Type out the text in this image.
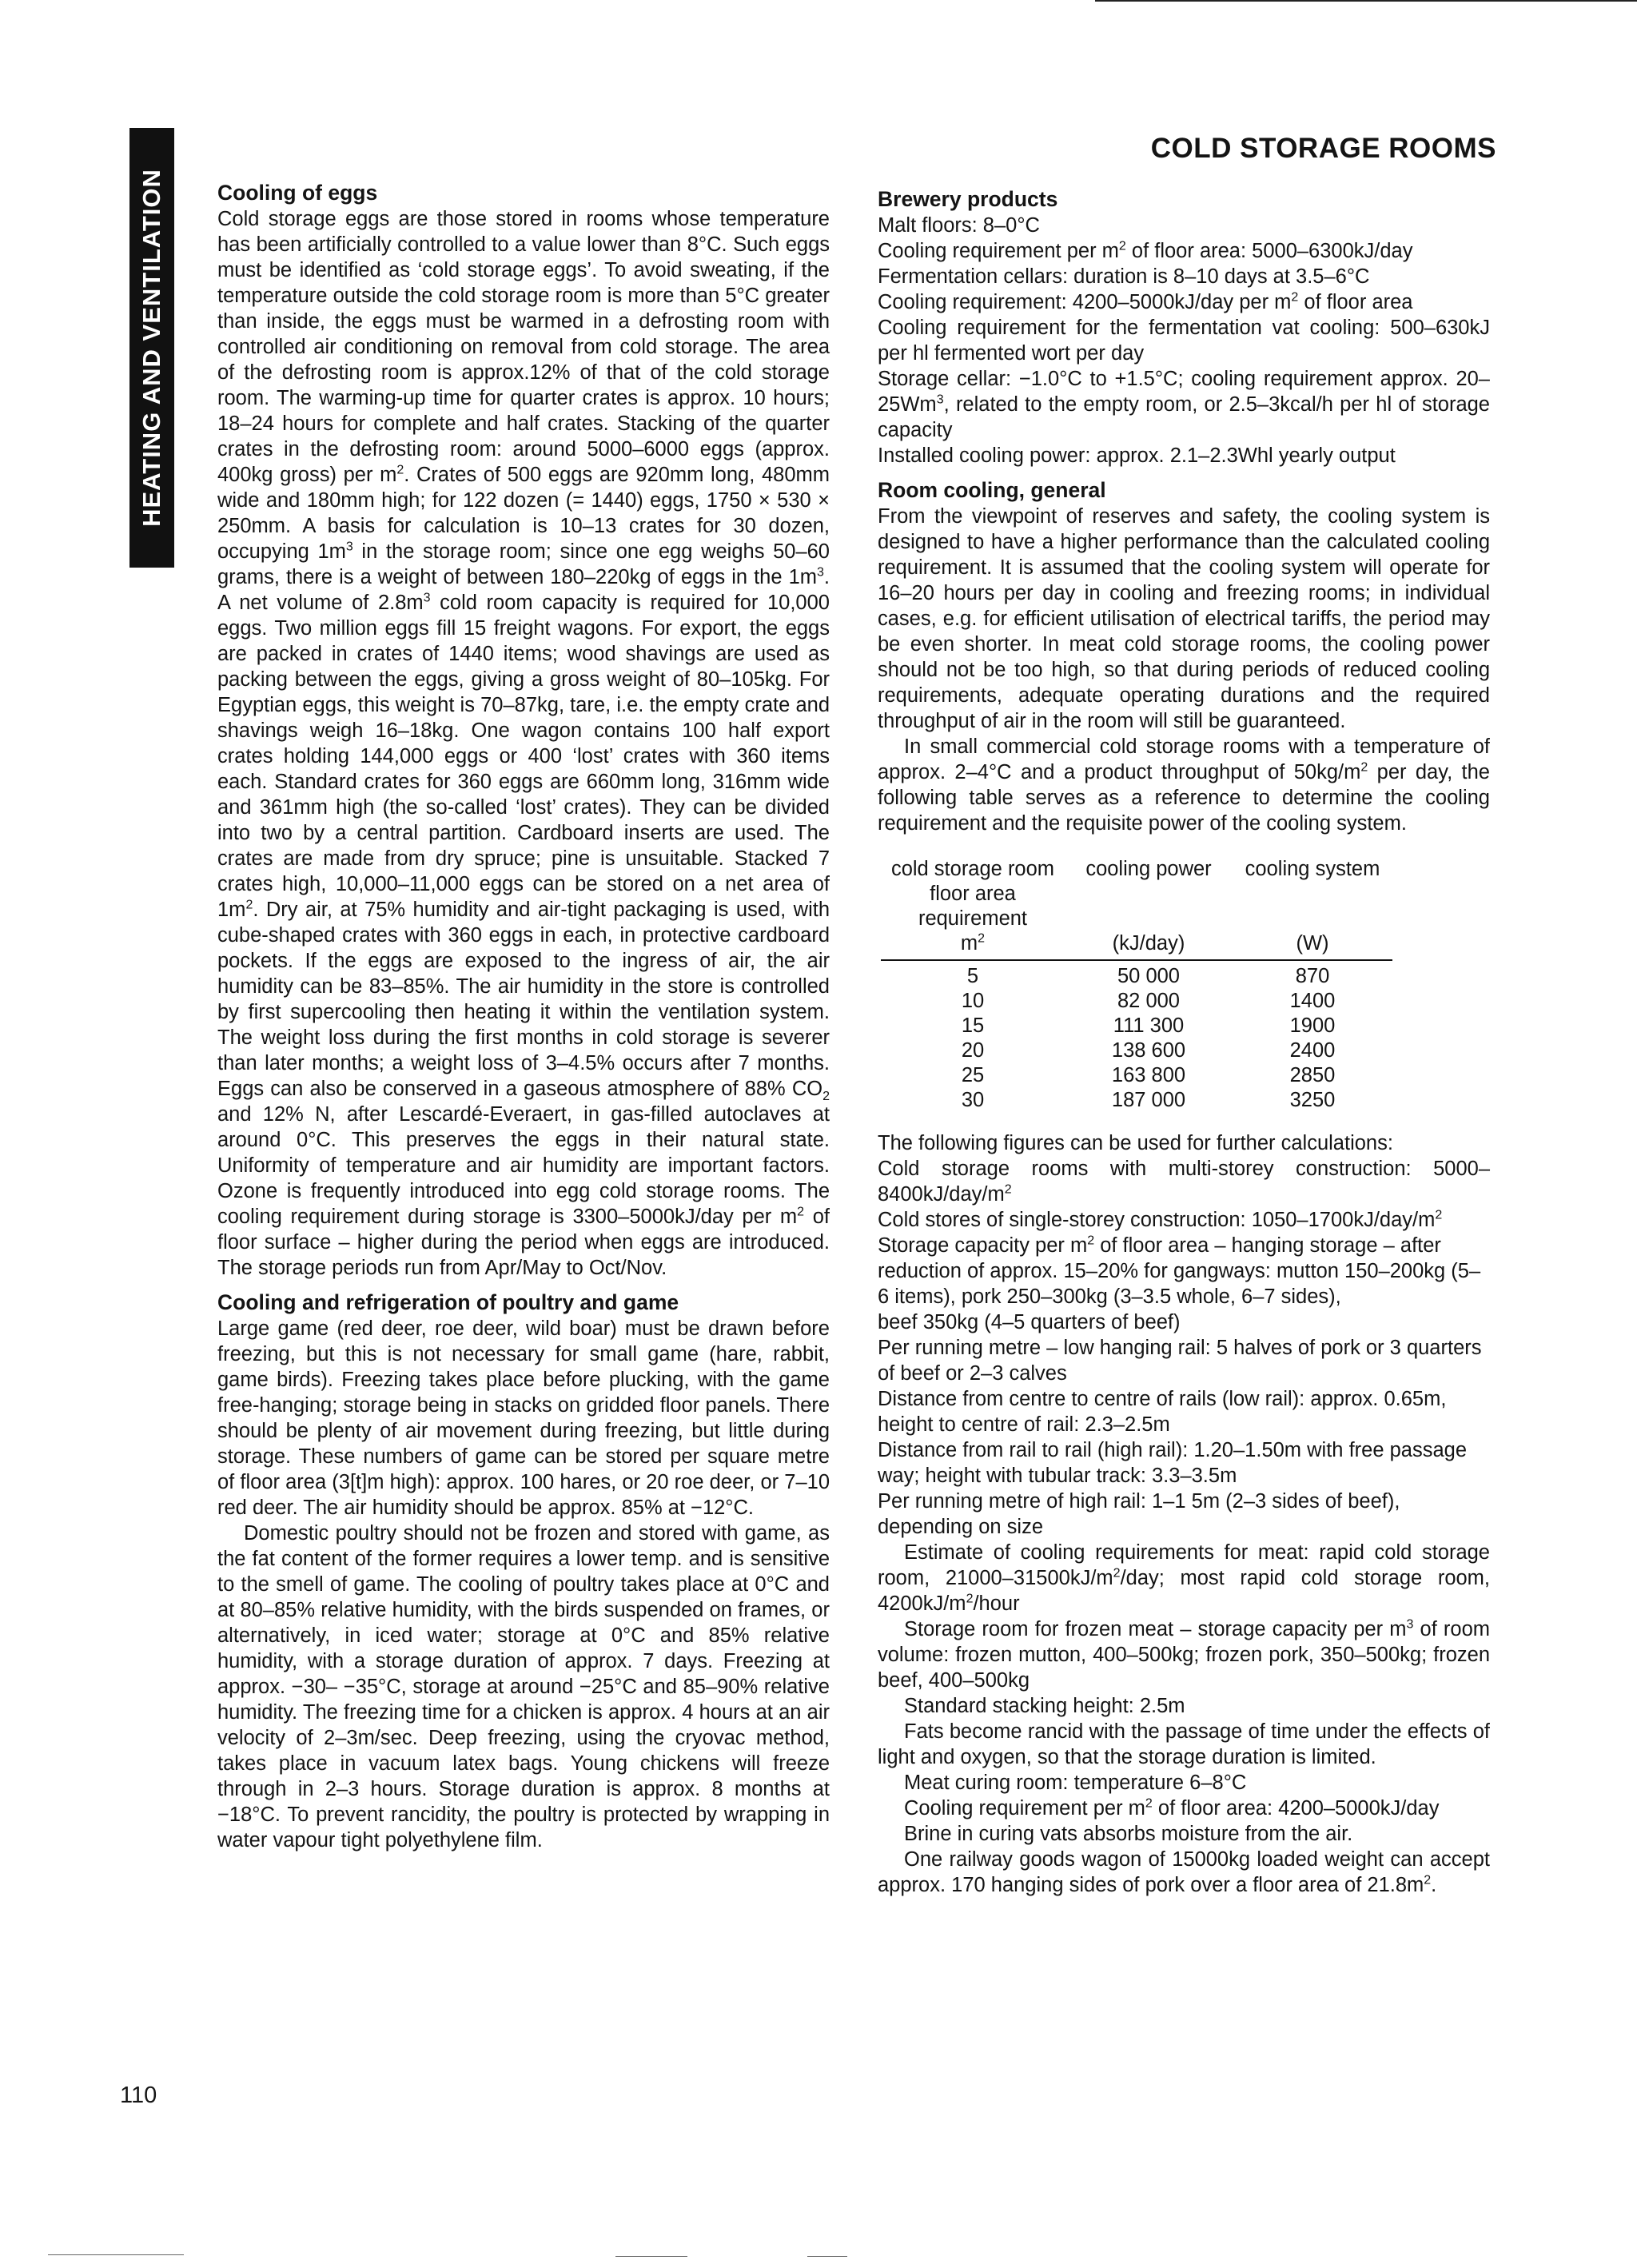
HEATING AND VENTILATION
COLD STORAGE ROOMS
110
Cooling of eggs

Cold storage eggs are those stored in rooms whose temperature has been artificially controlled to a value lower than 8°C. Such eggs must be identified as ‘cold storage eggs’. To avoid sweating, if the temperature outside the cold storage room is more than 5°C greater than inside, the eggs must be warmed in a defrosting room with controlled air conditioning on removal from cold storage. The area of the defrosting room is approx.12% of that of the cold storage room. The warming-up time for quarter crates is approx. 10 hours; 18–24 hours for complete and half crates. Stacking of the quarter crates in the defrosting room: around 5000–6000 eggs (approx. 400kg gross) per $m^2$. Crates of 500 eggs are 920mm long, 480mm wide and 180mm high; for 122 dozen (= 1440) eggs, 1750 × 530 × 250mm. A basis for calculation is 10–13 crates for 30 dozen, occupying $1m^3$ in the storage room; since one egg weighs 50–60 grams, there is a weight of between 180–220kg of eggs in the $1m^3$. A net volume of $2.8m^3$ cold room capacity is required for 10,000 eggs. Two million eggs fill 15 freight wagons. For export, the eggs are packed in crates of 1440 items; wood shavings are used as packing between the eggs, giving a gross weight of 80–105kg. For Egyptian eggs, this weight is 70–87kg, tare, i.e. the empty crate and shavings weigh 16–18kg. One wagon contains 100 half export crates holding 144,000 eggs or 400 ‘lost’ crates with 360 items each. Standard crates for 360 eggs are 660mm long, 316mm wide and 361mm high (the so-called ‘lost’ crates). They can be divided into two by a central partition. Cardboard inserts are used. The crates are made from dry spruce; pine is unsuitable. Stacked 7 crates high, 10,000–11,000 eggs can be stored on a net area of $1m^2$. Dry air, at 75% humidity and air-tight packaging is used, with cube-shaped crates with 360 eggs in each, in protective cardboard pockets. If the eggs are exposed to the ingress of air, the air humidity can be 83–85%. The air humidity in the store is controlled by first supercooling then heating it within the ventilation system. The weight loss during the first months in cold storage is severer than later months; a weight loss of 3–4.5% occurs after 7 months. Eggs can also be conserved in a gaseous atmosphere of 88% $CO_2$ and 12% N, after Lescardé-Everaert, in gas-filled autoclaves at around 0°C. This preserves the eggs in their natural state. Uniformity of temperature and air humidity are important factors. Ozone is frequently introduced into egg cold storage rooms. The cooling requirement during storage is 3300–5000kJ/day per $m^2$ of floor surface – higher during the period when eggs are introduced. The storage periods run from Apr/May to Oct/Nov.

Cooling and refrigeration of poultry and game

Large game (red deer, roe deer, wild boar) must be drawn before freezing, but this is not necessary for small game (hare, rabbit, game birds). Freezing takes place before plucking, with the game free-hanging; storage being in stacks on gridded floor panels. There should be plenty of air movement during freezing, but little during storage. These numbers of game can be stored per square metre of floor area (3[t]m high): approx. 100 hares, or 20 roe deer, or 7–10 red deer. The air humidity should be approx. 85% at −12°C.

Domestic poultry should not be frozen and stored with game, as the fat content of the former requires a lower temp. and is sensitive to the smell of game. The cooling of poultry takes place at 0°C and at 80–85% relative humidity, with the birds suspended on frames, or alternatively, in iced water; storage at 0°C and 85% relative humidity, with a storage duration of approx. 7 days. Freezing at approx. −30– −35°C, storage at around −25°C and 85–90% relative humidity. The freezing time for a chicken is approx. 4 hours at an air velocity of 2–3m/sec. Deep freezing, using the cryovac method, takes place in vacuum latex bags. Young chickens will freeze through in 2–3 hours. Storage duration is approx. 8 months at −18°C. To prevent rancidity, the poultry is protected by wrapping in water vapour tight polyethylene film.

Brewery products

Malt floors: 8–0°C

Cooling requirement per $m^2$ of floor area: 5000–6300kJ/day

Fermentation cellars: duration is 8–10 days at 3.5–6°C

Cooling requirement: 4200–5000kJ/day per $m^2$ of floor area

Cooling requirement for the fermentation vat cooling: 500–630kJ per hl fermented wort per day

Storage cellar: −1.0°C to +1.5°C; cooling requirement approx. 20–25Wm$^3$, related to the empty room, or 2.5–3kcal/h per hl of storage capacity

Installed cooling power: approx. 2.1–2.3Whl yearly output

Room cooling, general

From the viewpoint of reserves and safety, the cooling system is designed to have a higher performance than the calculated cooling requirement. It is assumed that the cooling system will operate for 16–20 hours per day in cooling and freezing rooms; in individual cases, e.g. for efficient utilisation of electrical tariffs, the period may be even shorter. In meat cold storage rooms, the cooling power should not be too high, so that during periods of reduced cooling requirements, adequate operating durations and the required throughput of air in the room will still be guaranteed.

In small commercial cold storage rooms with a temperature of approx. 2–4°C and a product throughput of $50kg/m^2$ per day, the following table serves as a reference to determine the cooling requirement and the requisite power of the cooling system.

cold storage room floor area requirement	cooling power	cooling system
$m^2$	(kJ/day)	(W)
5	50 000	870
10	82 000	1400
15	111 300	1900
20	138 600	2400
25	163 800	2850
30	187 000	3250

The following figures can be used for further calculations:

Cold storage rooms with multi-storey construction: $5000-8400kJ/day/m^2$

Cold stores of single-storey construction: $1050-1700kJ/day/m^2$

Storage capacity per $m^2$ of floor area – hanging storage – after reduction of approx. 15–20% for gangways: mutton 150–200kg (5–6 items), pork 250–300kg (3–3.5 whole, 6–7 sides),

beef 350kg (4–5 quarters of beef)

Per running metre – low hanging rail: 5 halves of pork or 3 quarters of beef or 2–3 calves

Distance from centre to centre of rails (low rail): approx. 0.65m, height to centre of rail: 2.3–2.5m

Distance from rail to rail (high rail): 1.20–1.50m with free passage way; height with tubular track: 3.3–3.5m

Per running metre of high rail: 1–1 5m (2–3 sides of beef), depending on size

Estimate of cooling requirements for meat: rapid cold storage room, $21000-31500kJ/m^2$/day; most rapid cold storage room, $4200kJ/m^2$/hour

Storage room for frozen meat – storage capacity per $m^3$ of room volume: frozen mutton, 400–500kg; frozen pork, 350–500kg; frozen beef, 400–500kg

Standard stacking height: 2.5m

Fats become rancid with the passage of time under the effects of light and oxygen, so that the storage duration is limited.

Meat curing room: temperature 6–8°C

Cooling requirement per $m^2$ of floor area: 4200–5000kJ/day

Brine in curing vats absorbs moisture from the air.

One railway goods wagon of 15000kg loaded weight can accept approx. 170 hanging sides of pork over a floor area of $21.8m^2$.
